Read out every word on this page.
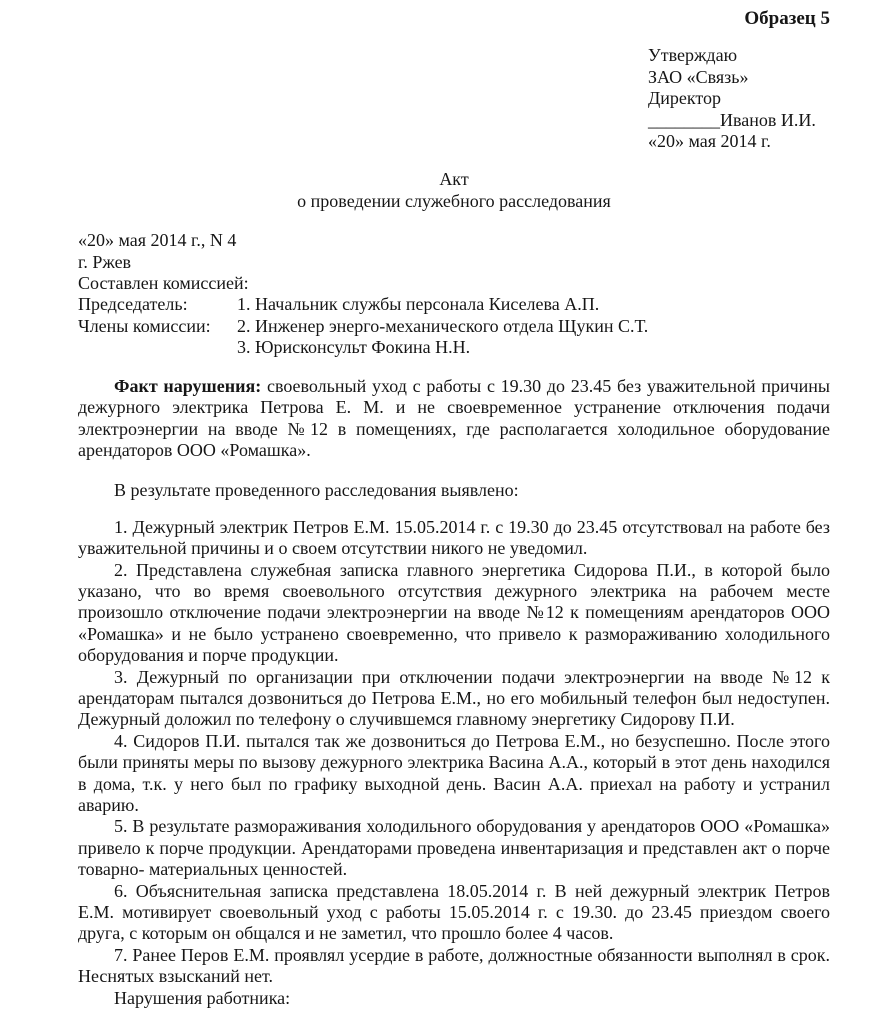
Образец 5
Утверждаю
ЗАО «Связь»
Директор
________Иванов И.И.
«20» мая 2014 г.
Акт
о проведении служебного расследования
«20» мая 2014 г., N 4
г. Ржев
Составлен комиссией:
Председатель:	1. Начальник службы персонала Киселева А.П.
Члены комиссии:	2. Инженер энерго-механического отдела Щукин С.Т.
3. Юрисконсульт Фокина Н.Н.

Факт нарушения: своевольный уход с работы с 19.30 до 23.45 без уважительной причины дежурного электрика Петрова Е. М. и не своевременное устранение отключения подачи электроэнергии на вводе №12 в помещениях, где располагается холодильное оборудование арендаторов ООО «Ромашка».

В результате проведенного расследования выявлено:

1. Дежурный электрик Петров Е.М. 15.05.2014 г. с 19.30 до 23.45 отсутствовал на работе без уважительной причины и о своем отсутствии никого не уведомил.

2. Представлена служебная записка главного энергетика Сидорова П.И., в которой было указано, что во время своевольного отсутствия дежурного электрика на рабочем месте произошло отключение подачи электроэнергии на вводе №12 к помещениям арендаторов ООО «Ромашка» и не было устранено своевременно, что привело к размораживанию холодильного оборудования и порче продукции.

3. Дежурный по организации при отключении подачи электроэнергии на вводе №12 к арендаторам пытался дозвониться до Петрова Е.М., но его мобильный телефон был недоступен. Дежурный доложил по телефону о случившемся главному энергетику Сидорову П.И.

4. Сидоров П.И. пытался так же дозвониться до Петрова Е.М., но безуспешно. После этого были приняты меры по вызову дежурного электрика Васина А.А., который в этот день находился в дома, т.к. у него был по графику выходной день. Васин А.А. приехал на работу и устранил аварию.

5. В результате размораживания холодильного оборудования у арендаторов ООО «Ромашка» привело к порче продукции. Арендаторами проведена инвентаризация и представлен акт о порче товарно- материальных ценностей.

6. Объяснительная записка представлена 18.05.2014 г. В ней дежурный электрик Петров Е.М. мотивирует своевольный уход с работы 15.05.2014 г. с 19.30. до 23.45 приездом своего друга, с которым он общался и не заметил, что прошло более 4 часов.

7. Ранее Перов Е.М. проявлял усердие в работе, должностные обязанности выполнял в срок. Неснятых взысканий нет.

Нарушения работника:
